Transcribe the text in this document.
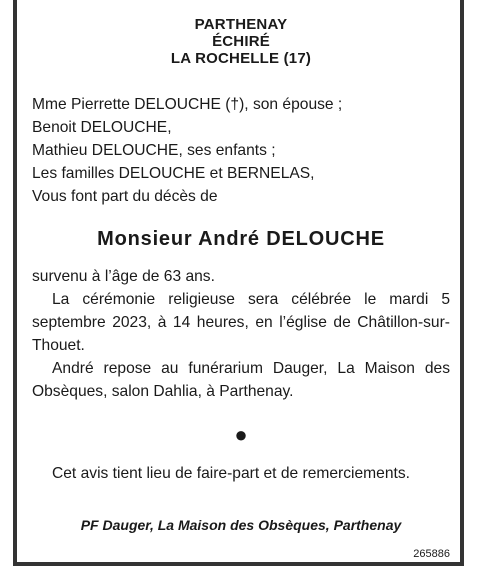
PARTHENAY
ÉCHIRÉ
LA ROCHELLE (17)
Mme Pierrette DELOUCHE (†), son épouse ;
Benoit DELOUCHE,
Mathieu DELOUCHE, ses enfants ;
Les familles DELOUCHE et BERNELAS,
Vous font part du décès de
Monsieur André DELOUCHE

survenu à l’âge de 63 ans.

La cérémonie religieuse sera célébrée le mardi 5 septembre 2023, à 14 heures, en l’église de Châtillon-sur-Thouet.

André repose au funérarium Dauger, La Maison des Obsèques, salon Dahlia, à Parthenay.

●

Cet avis tient lieu de faire-part et de remerciements.

PF Dauger, La Maison des Obsèques, Parthenay
265886
